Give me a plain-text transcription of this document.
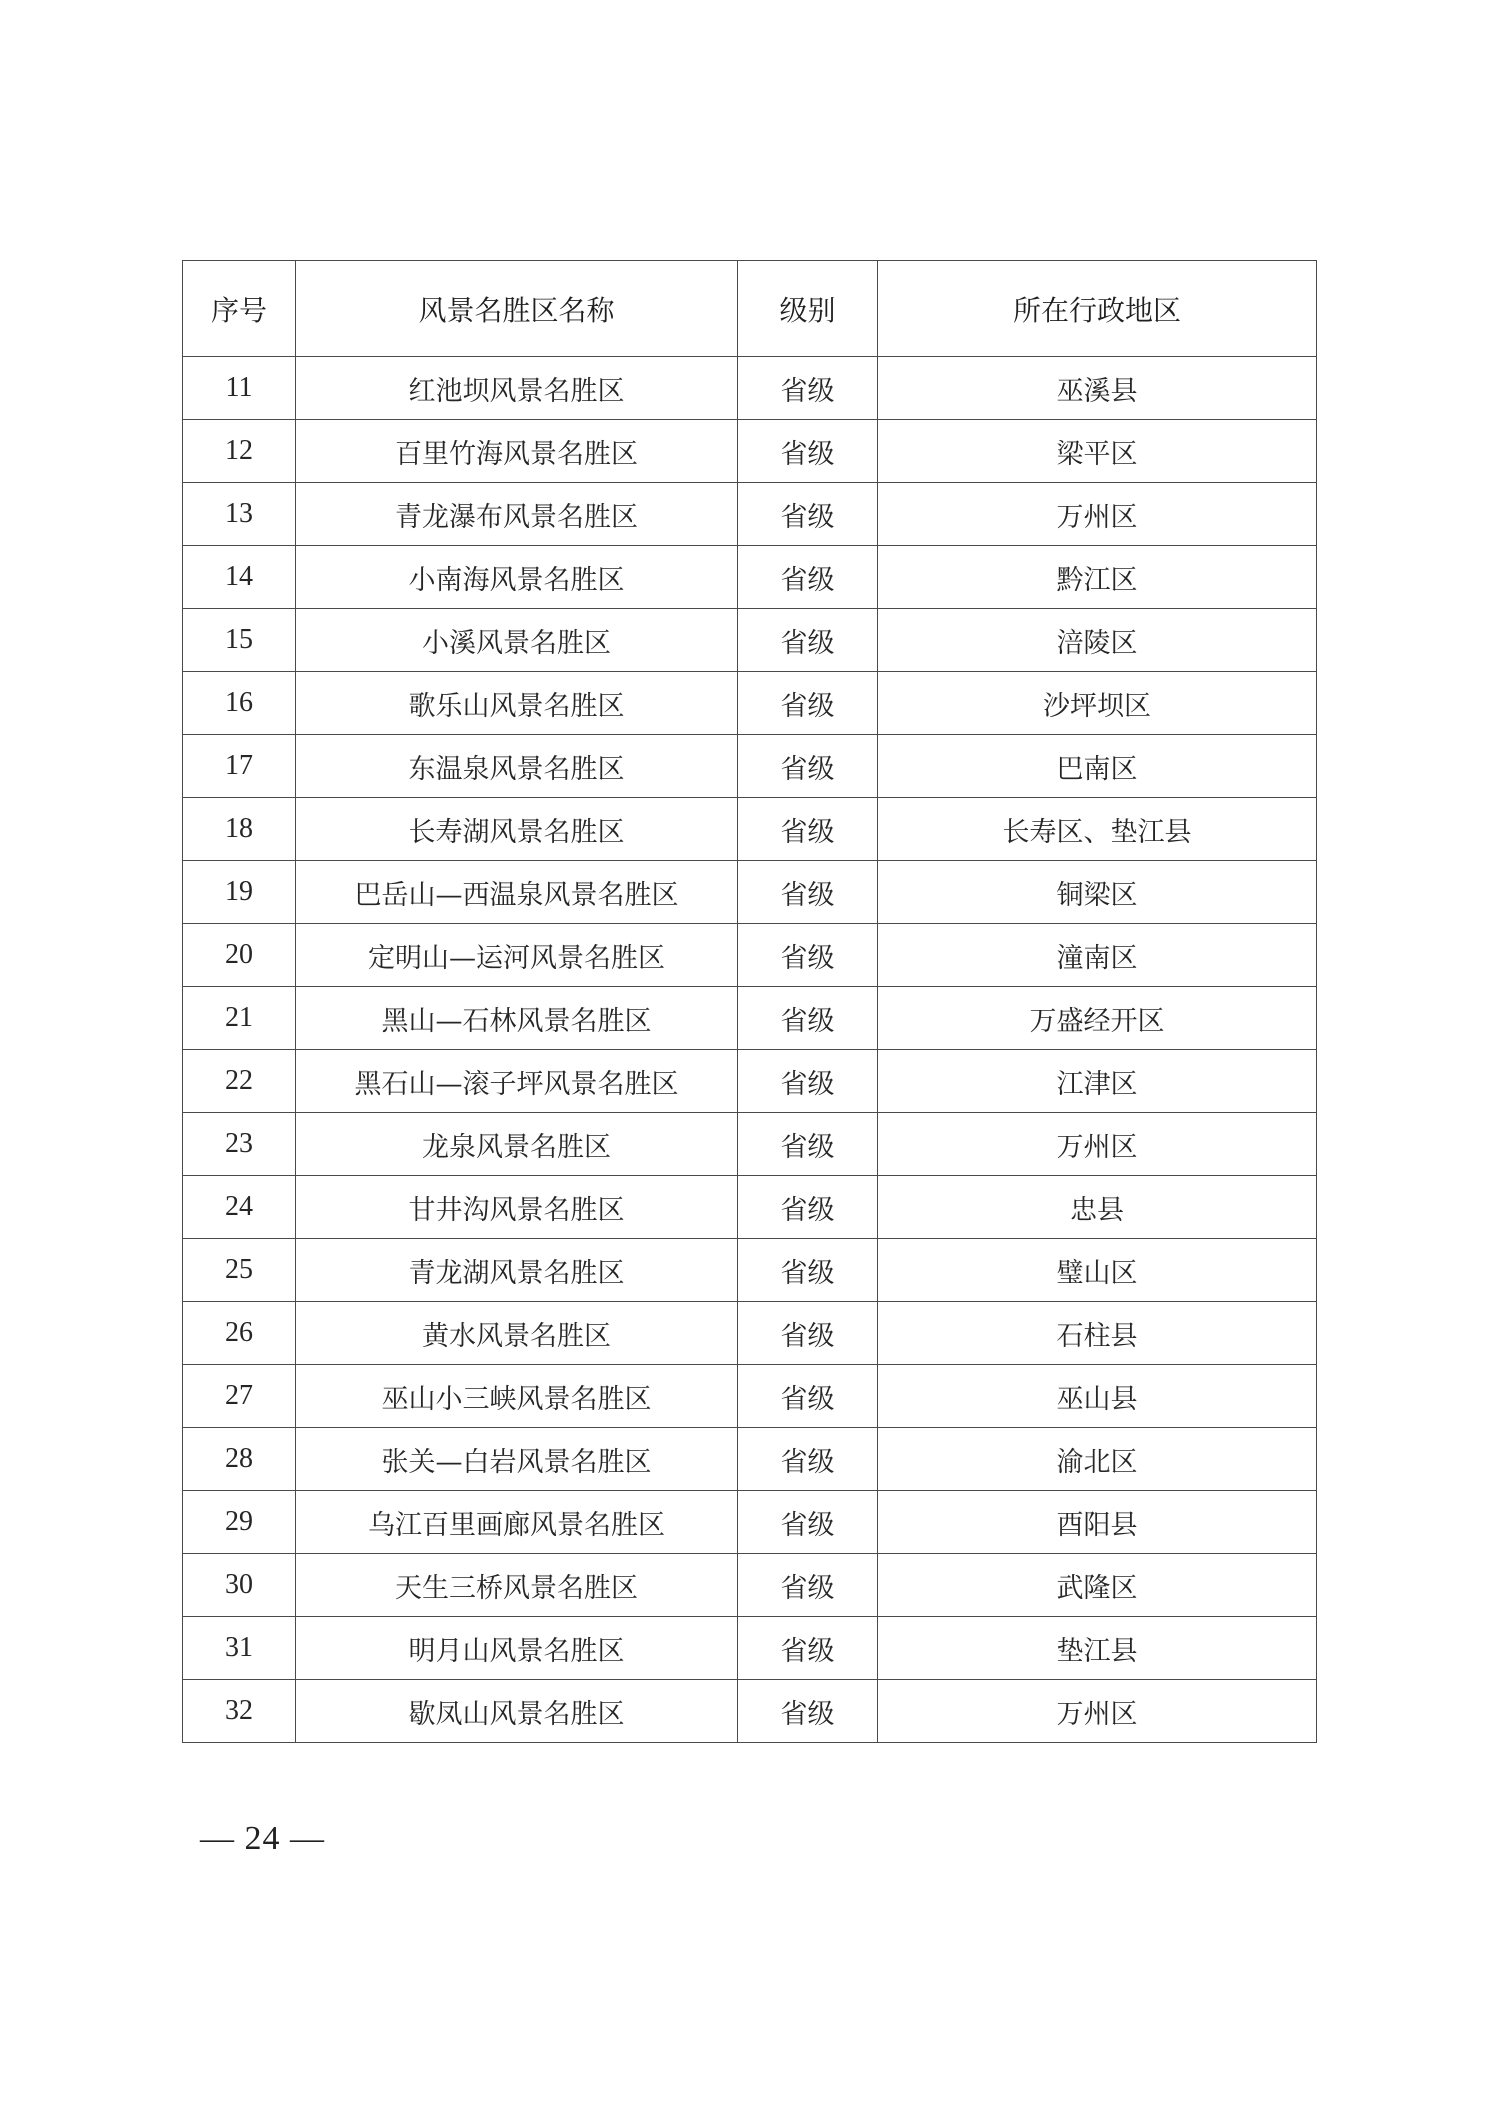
序号	风景名胜区名称	级别	所在行政地区
11	红池坝风景名胜区	省级	巫溪县
12	百里竹海风景名胜区	省级	梁平区
13	青龙瀑布风景名胜区	省级	万州区
14	小南海风景名胜区	省级	黔江区
15	小溪风景名胜区	省级	涪陵区
16	歌乐山风景名胜区	省级	沙坪坝区
17	东温泉风景名胜区	省级	巴南区
18	长寿湖风景名胜区	省级	长寿区、垫江县
19	巴岳山—西温泉风景名胜区	省级	铜梁区
20	定明山—运河风景名胜区	省级	潼南区
21	黑山—石林风景名胜区	省级	万盛经开区
22	黑石山—滚子坪风景名胜区	省级	江津区
23	龙泉风景名胜区	省级	万州区
24	甘井沟风景名胜区	省级	忠县
25	青龙湖风景名胜区	省级	璧山区
26	黄水风景名胜区	省级	石柱县
27	巫山小三峡风景名胜区	省级	巫山县
28	张关—白岩风景名胜区	省级	渝北区
29	乌江百里画廊风景名胜区	省级	酉阳县
30	天生三桥风景名胜区	省级	武隆区
31	明月山风景名胜区	省级	垫江县
32	歇凤山风景名胜区	省级	万州区
— 24 —
